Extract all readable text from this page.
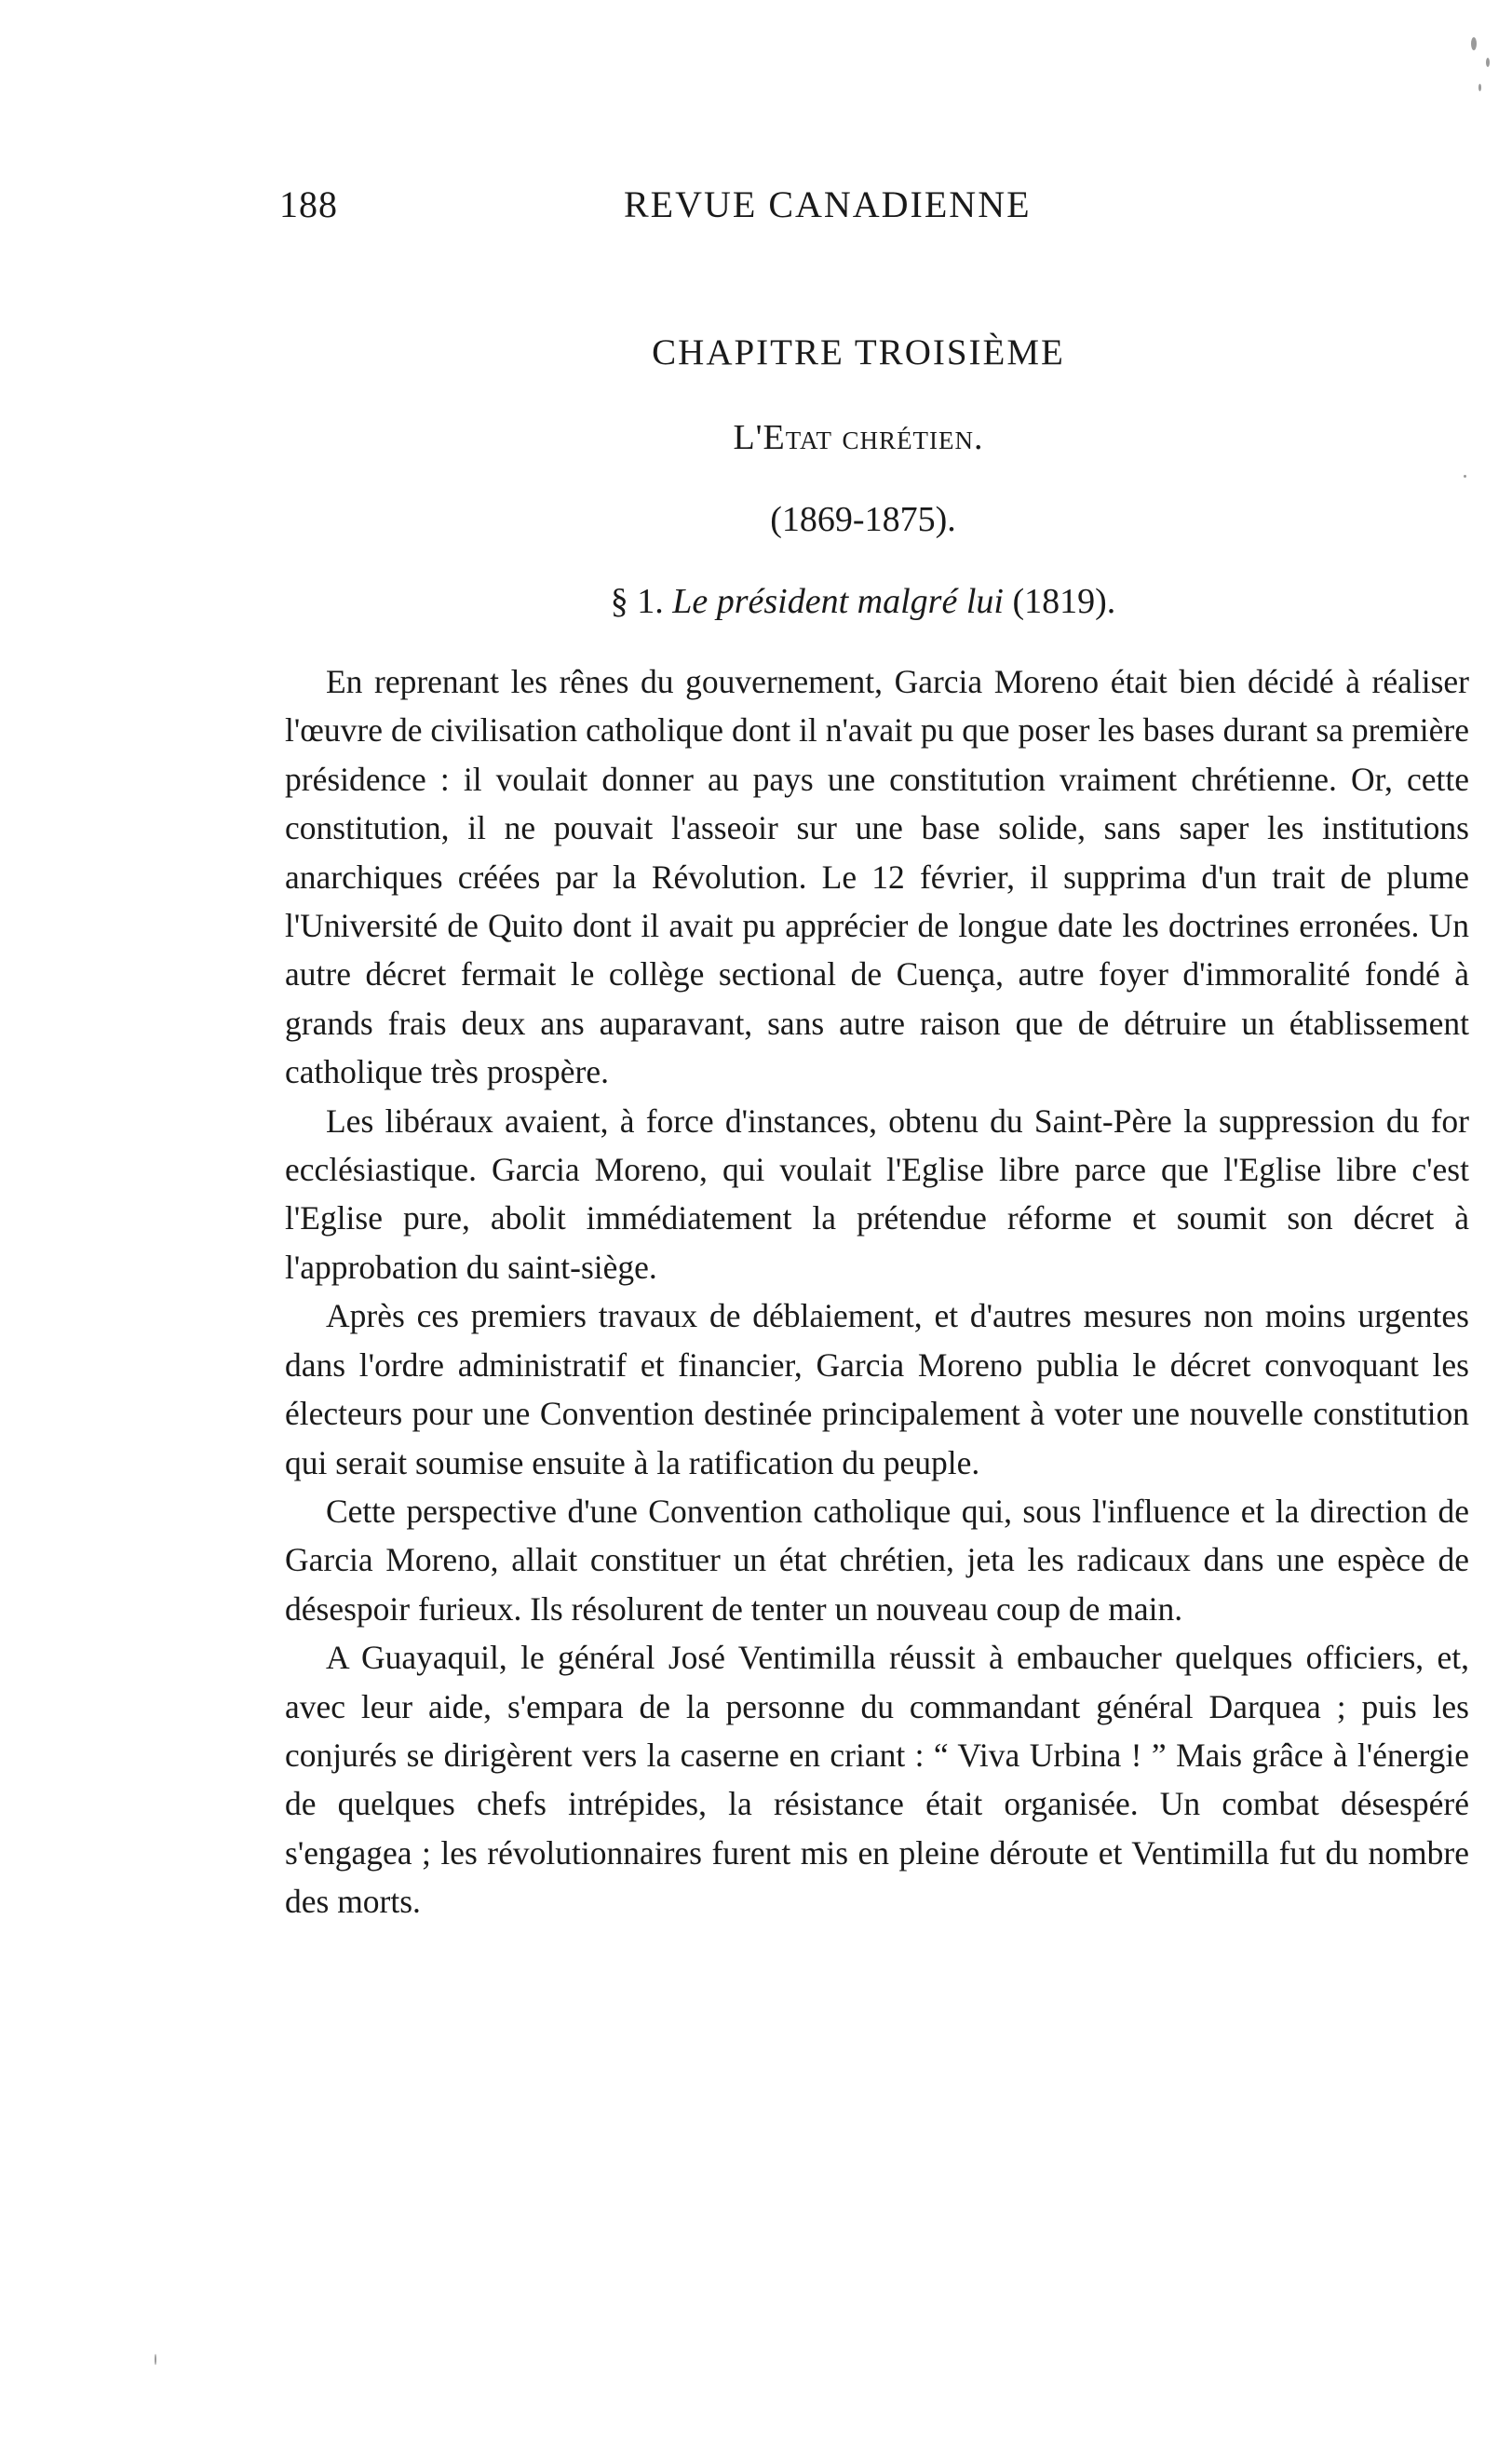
188	REVUE CANADIENNE
CHAPITRE TROISIÈME
L'Etat chrétien.
(1869-1875).
§ 1. Le président malgré lui (1819).

En reprenant les rênes du gouvernement, Garcia Moreno était bien décidé à réaliser l'œuvre de civilisation catholique dont il n'avait pu que poser les bases durant sa première présidence : il voulait donner au pays une constitution vraiment chrétienne. Or, cette constitution, il ne pouvait l'asseoir sur une base solide, sans saper les institutions anarchiques créées par la Révolution. Le 12 février, il supprima d'un trait de plume l'Université de Quito dont il avait pu apprécier de longue date les doctrines erronées. Un autre décret fermait le collège sectional de Cuença, autre foyer d'immoralité fondé à grands frais deux ans auparavant, sans autre raison que de détruire un établissement catholique très prospère.

Les libéraux avaient, à force d'instances, obtenu du Saint-Père la suppression du for ecclésiastique. Garcia Moreno, qui voulait l'Eglise libre parce que l'Eglise libre c'est l'Eglise pure, abolit immédiatement la prétendue réforme et soumit son décret à l'approbation du saint-siège.

Après ces premiers travaux de déblaiement, et d'autres mesures non moins urgentes dans l'ordre administratif et financier, Garcia Moreno publia le décret convoquant les électeurs pour une Convention destinée principalement à voter une nouvelle constitution qui serait soumise ensuite à la ratification du peuple.

Cette perspective d'une Convention catholique qui, sous l'influence et la direction de Garcia Moreno, allait constituer un état chrétien, jeta les radicaux dans une espèce de désespoir furieux. Ils résolurent de tenter un nouveau coup de main.

A Guayaquil, le général José Ventimilla réussit à embaucher quelques officiers, et, avec leur aide, s'empara de la personne du commandant général Darquea ; puis les conjurés se dirigèrent vers la caserne en criant : “ Viva Urbina ! ” Mais grâce à l'énergie de quelques chefs intrépides, la résistance était organisée. Un combat désespéré s'engagea ; les révolutionnaires furent mis en pleine déroute et Ventimilla fut du nombre des morts.
